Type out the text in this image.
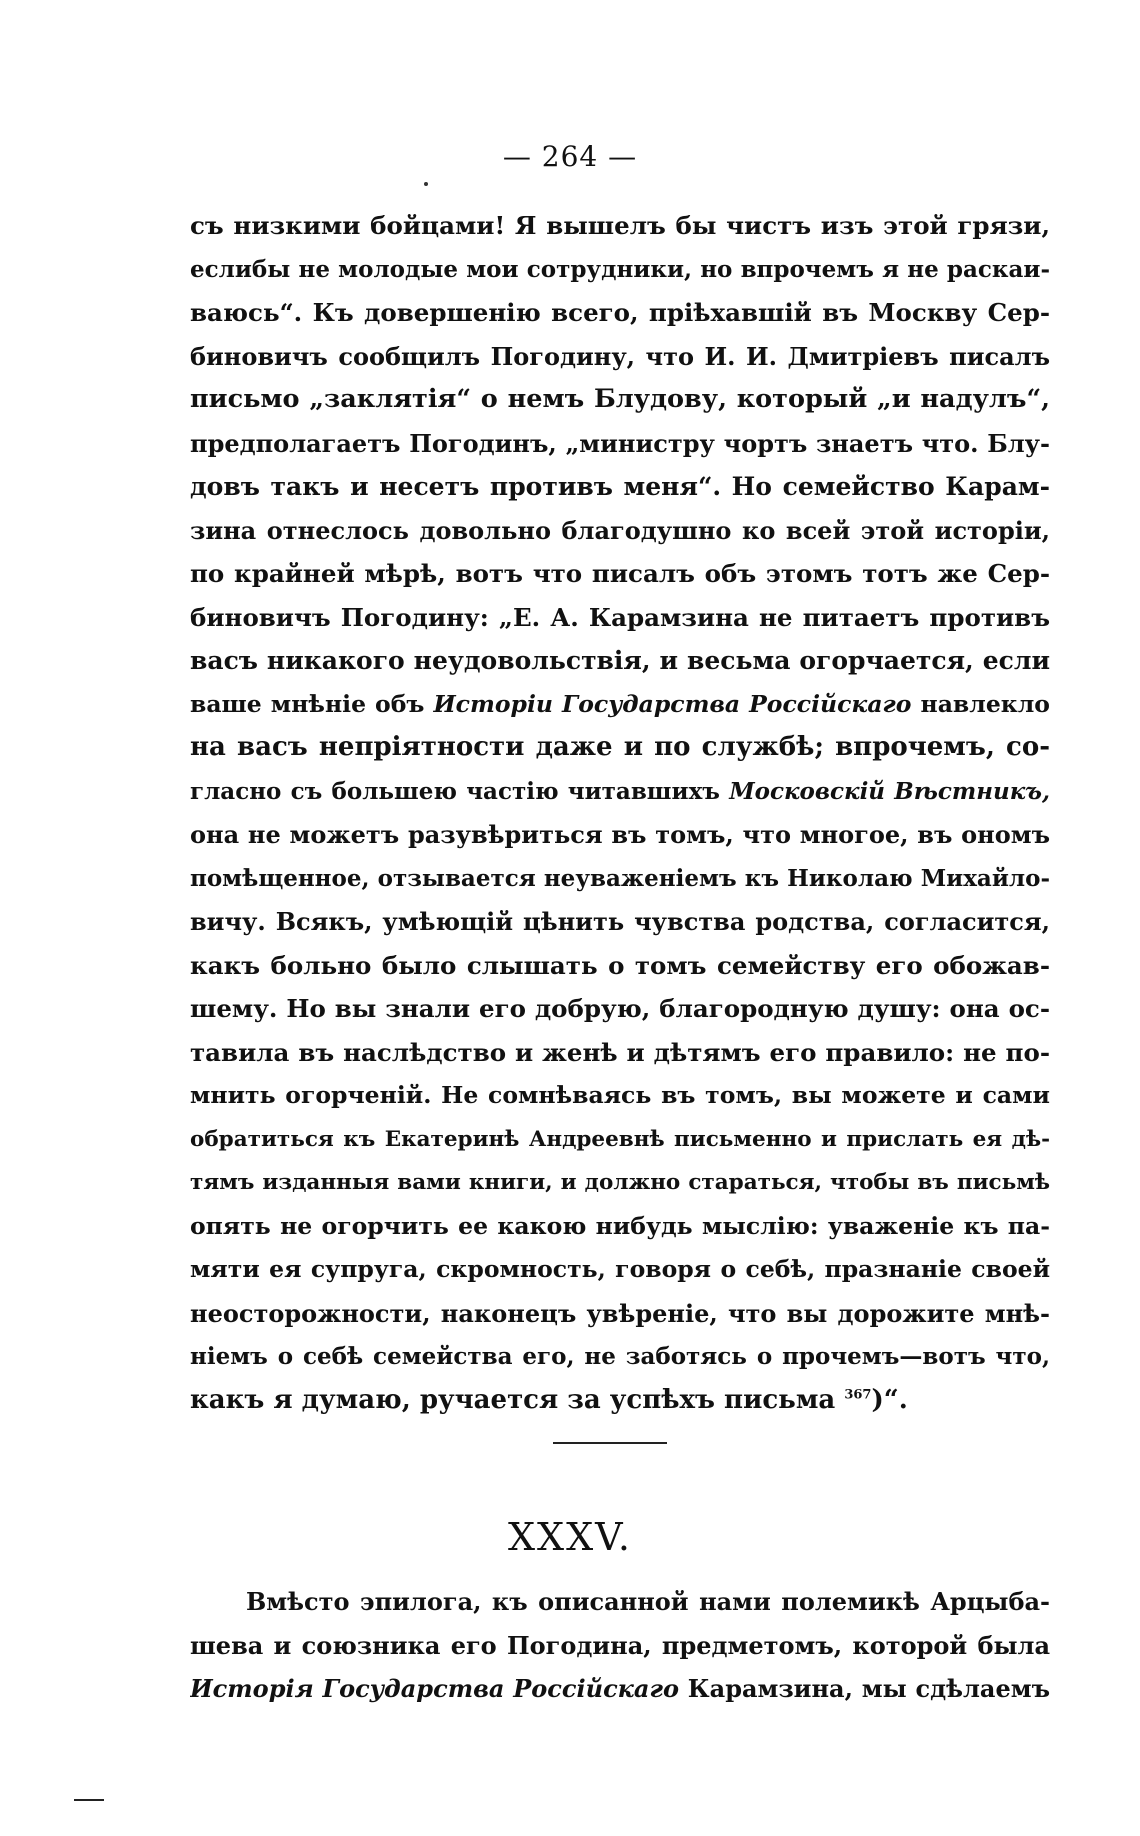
— 264 —
съ низкими бойцами! Я вышелъ бы чистъ изъ этой грязи,
еслибы не молодые мои сотрудники, но впрочемъ я не раскаи-
ваюсь“. Къ довершенію всего, пріѣхавшій въ Москву Сер-
биновичъ сообщилъ Погодину, что И. И. Дмитріевъ писалъ
письмо „заклятія“ о немъ Блудову, который „и надулъ“,
предполагаетъ Погодинъ, „министру чортъ знаетъ что. Блу-
довъ такъ и несетъ противъ меня“. Но семейство Карам-
зина отнеслось довольно благодушно ко всей этой исторіи,
по крайней мѣрѣ, вотъ что писалъ объ этомъ тотъ же Сер-
биновичъ Погодину: „Е. А. Карамзина не питаетъ противъ
васъ никакого неудовольствія, и весьма огорчается, если
ваше мнѣніе объ Исторіи Государства Россійскаго навлекло
на васъ непріятности даже и по службѣ; впрочемъ, со-
гласно съ большею частію читавшихъ Московскій Вѣстникъ,
она не можетъ разувѣриться въ томъ, что многое, въ ономъ
помѣщенное, отзывается неуваженіемъ къ Николаю Михайло-
вичу. Всякъ, умѣющій цѣнить чувства родства, согласится,
какъ больно было слышать о томъ семейству его обожав-
шему. Но вы знали его добрую, благородную душу: она ос-
тавила въ наслѣдство и женѣ и дѣтямъ его правило: не по-
мнить огорченій. Не сомнѣваясь въ томъ, вы можете и сами
обратиться къ Екатеринѣ Андреевнѣ письменно и прислать ея дѣ-
тямъ изданныя вами книги, и должно стараться, чтобы въ письмѣ
опять не огорчить ее какою нибудь мыслію: уваженіе къ па-
мяти ея супруга, скромность, говоря о себѣ, празнаніе своей
неосторожности, наконецъ увѣреніе, что вы дорожите мнѣ-
ніемъ о себѣ семейства его, не заботясь о прочемъ—вотъ что,
какъ я думаю, ручается за успѣхъ письма $^{367}$)“.
XXXV.
Вмѣсто эпилога, къ описанной нами полемикѣ Арцыба-
шева и союзника его Погодина, предметомъ, которой была
Исторія Государства Россійскаго Карамзина, мы сдѣлаемъ
